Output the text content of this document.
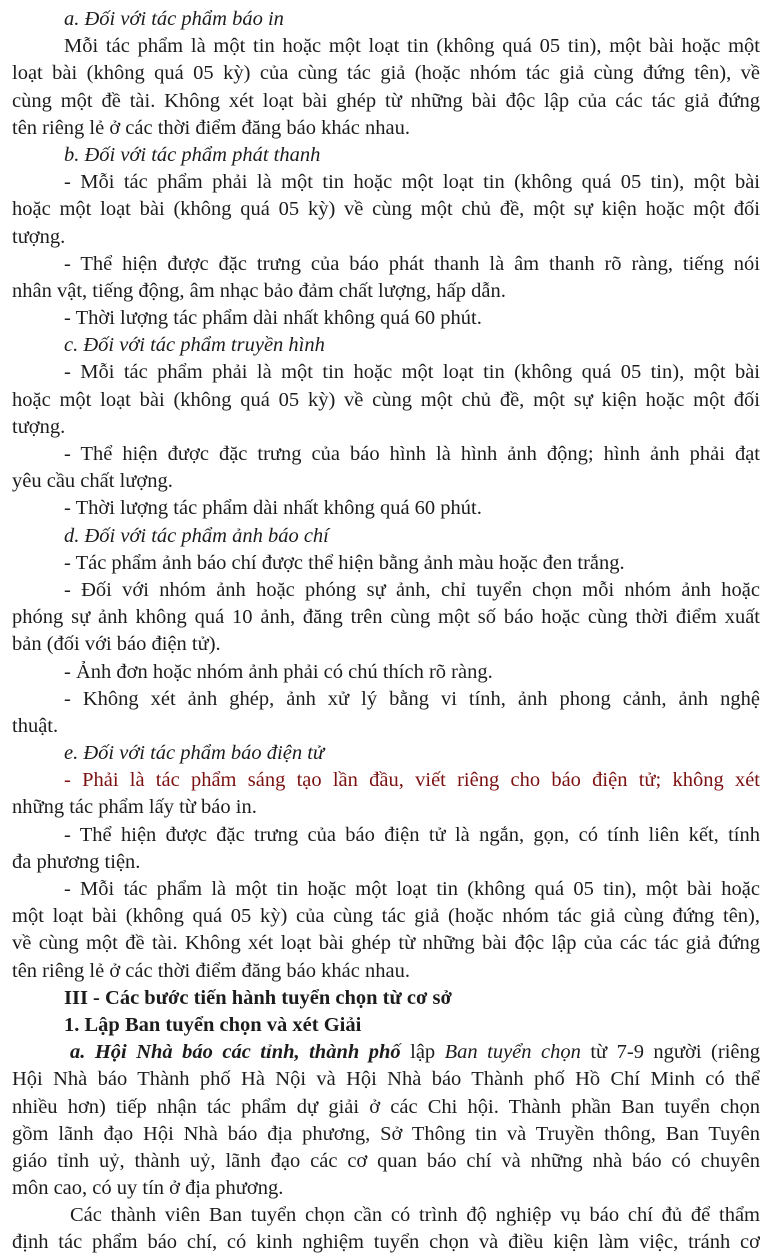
a. Đối với tác phẩm báo in
Mỗi tác phẩm là một tin hoặc một loạt tin (không quá 05 tin), một bài hoặc một
loạt bài (không quá 05 kỳ) của cùng tác giả (hoặc nhóm tác giả cùng đứng tên), về
cùng một đề tài. Không xét loạt bài ghép từ những bài độc lập của các tác giả đứng
tên riêng lẻ ở các thời điểm đăng báo khác nhau.
b. Đối với tác phẩm phát thanh
- Mỗi tác phẩm phải là một tin hoặc một loạt tin (không quá 05 tin), một bài
hoặc một loạt bài (không quá 05 kỳ) về cùng một chủ đề, một sự kiện hoặc một đối
tượng.
- Thể hiện được đặc trưng của báo phát thanh là âm thanh rõ ràng, tiếng nói
nhân vật, tiếng động, âm nhạc bảo đảm chất lượng, hấp dẫn.
- Thời lượng tác phẩm dài nhất không quá 60 phút.
c. Đối với tác phẩm truyền hình
- Mỗi tác phẩm phải là một tin hoặc một loạt tin (không quá 05 tin), một bài
hoặc một loạt bài (không quá 05 kỳ) về cùng một chủ đề, một sự kiện hoặc một đối
tượng.
- Thể hiện được đặc trưng của báo hình là hình ảnh động; hình ảnh phải đạt
yêu cầu chất lượng.
- Thời lượng tác phẩm dài nhất không quá 60 phút.
d. Đối với tác phẩm ảnh báo chí
- Tác phẩm ảnh báo chí được thể hiện bằng ảnh màu hoặc đen trắng.
- Đối với nhóm ảnh hoặc phóng sự ảnh, chỉ tuyển chọn mỗi nhóm ảnh hoặc
phóng sự ảnh không quá 10 ảnh, đăng trên cùng một số báo hoặc cùng thời điểm xuất
bản (đối với báo điện tử).
- Ảnh đơn hoặc nhóm ảnh phải có chú thích rõ ràng.
- Không xét ảnh ghép, ảnh xử lý bằng vi tính, ảnh phong cảnh, ảnh nghệ
thuật.
e. Đối với tác phẩm báo điện tử
- Phải là tác phẩm sáng tạo lần đầu, viết riêng cho báo điện tử; không xét
những tác phẩm lấy từ báo in.
- Thể hiện được đặc trưng của báo điện tử là ngắn, gọn, có tính liên kết, tính
đa phương tiện.
- Mỗi tác phẩm là một tin hoặc một loạt tin (không quá 05 tin), một bài hoặc
một loạt bài (không quá 05 kỳ) của cùng tác giả (hoặc nhóm tác giả cùng đứng tên),
về cùng một đề tài. Không xét loạt bài ghép từ những bài độc lập của các tác giả đứng
tên riêng lẻ ở các thời điểm đăng báo khác nhau.
III - Các bước tiến hành tuyển chọn từ cơ sở
1. Lập Ban tuyển chọn và xét Giải
a. Hội Nhà báo các tỉnh, thành phố lập Ban tuyển chọn từ 7-9 người (riêng
Hội Nhà báo Thành phố Hà Nội và Hội Nhà báo Thành phố Hồ Chí Minh có thể
nhiều hơn) tiếp nhận tác phẩm dự giải ở các Chi hội. Thành phần Ban tuyển chọn
gồm lãnh đạo Hội Nhà báo địa phương, Sở Thông tin và Truyền thông, Ban Tuyên
giáo tỉnh uỷ, thành uỷ, lãnh đạo các cơ quan báo chí và những nhà báo có chuyên
môn cao, có uy tín ở địa phương.
Các thành viên Ban tuyển chọn cần có trình độ nghiệp vụ báo chí đủ để thẩm
định tác phẩm báo chí, có kinh nghiệm tuyển chọn và điều kiện làm việc, tránh cơ
